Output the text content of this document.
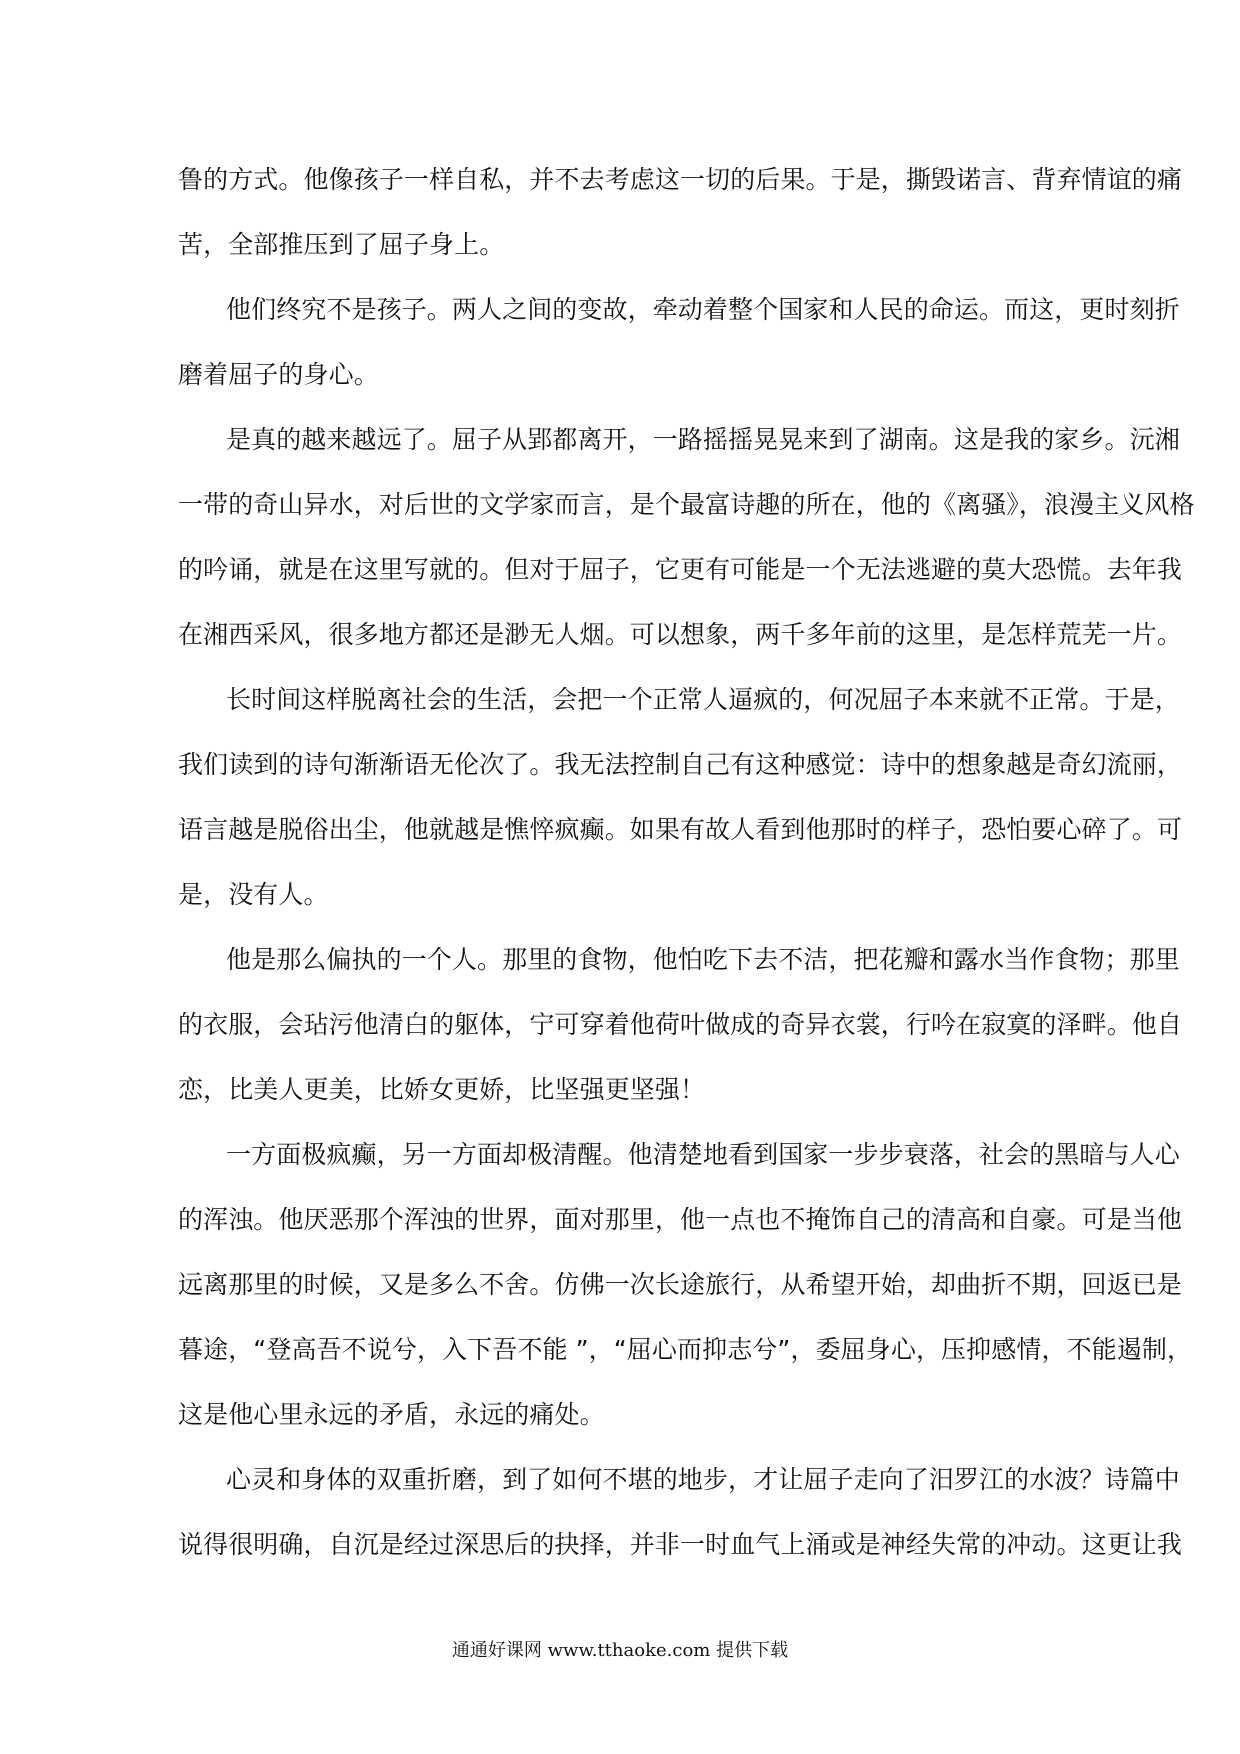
鲁的方式。他像孩子一样自私，并不去考虑这一切的后果。于是，撕毁诺言、背弃情谊的痛
苦，全部推压到了屈子身上。
他们终究不是孩子。两人之间的变故，牵动着整个国家和人民的命运。而这，更时刻折
磨着屈子的身心。
是真的越来越远了。屈子从郢都离开，一路摇摇晃晃来到了湖南。这是我的家乡。沅湘
一带的奇山异水，对后世的文学家而言，是个最富诗趣的所在，他的《离骚》，浪漫主义风格
的吟诵，就是在这里写就的。但对于屈子，它更有可能是一个无法逃避的莫大恐慌。去年我
在湘西采风，很多地方都还是渺无人烟。可以想象，两千多年前的这里，是怎样荒芜一片。
长时间这样脱离社会的生活，会把一个正常人逼疯的，何况屈子本来就不正常。于是，
我们读到的诗句渐渐语无伦次了。我无法控制自己有这种感觉：诗中的想象越是奇幻流丽，
语言越是脱俗出尘，他就越是憔悴疯癫。如果有故人看到他那时的样子，恐怕要心碎了。可
是，没有人。
他是那么偏执的一个人。那里的食物，他怕吃下去不洁，把花瓣和露水当作食物；那里
的衣服，会玷污他清白的躯体，宁可穿着他荷叶做成的奇异衣裳，行吟在寂寞的泽畔。他自
恋，比美人更美，比娇女更娇，比坚强更坚强！
一方面极疯癫，另一方面却极清醒。他清楚地看到国家一步步衰落，社会的黑暗与人心
的浑浊。他厌恶那个浑浊的世界，面对那里，他一点也不掩饰自己的清高和自豪。可是当他
远离那里的时候，又是多么不舍。仿佛一次长途旅行，从希望开始，却曲折不期，回返已是
暮途，“登高吾不说兮，入下吾不能 ”，“屈心而抑志兮”，委屈身心，压抑感情，不能遏制，
这是他心里永远的矛盾，永远的痛处。
心灵和身体的双重折磨，到了如何不堪的地步，才让屈子走向了汨罗江的水波？诗篇中
说得很明确，自沉是经过深思后的抉择，并非一时血气上涌或是神经失常的冲动。这更让我
通通好课网 www.tthaoke.com 提供下载
